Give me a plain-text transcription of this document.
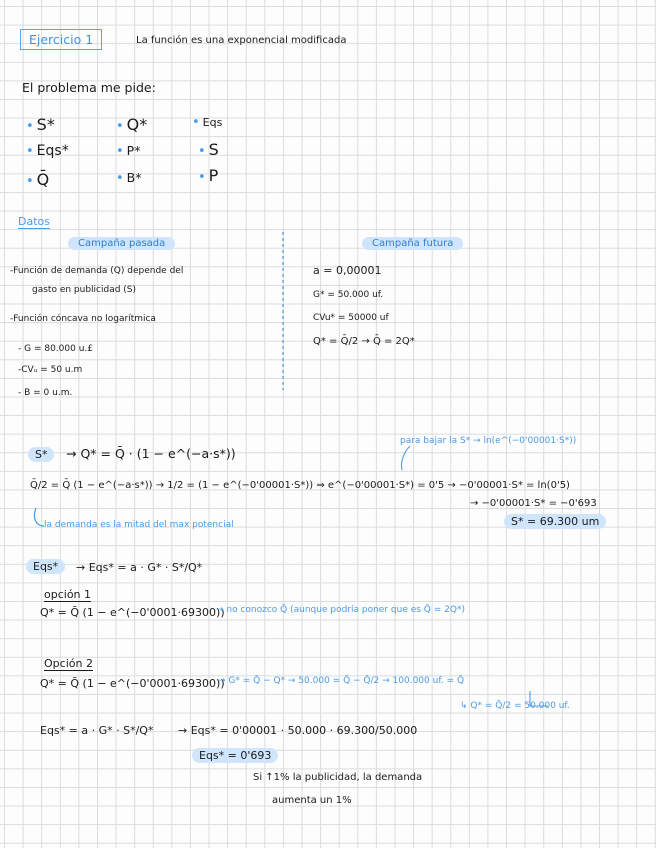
Ejercicio 1	La función es una exponencial modificada
El problema me pide:
• S*	• Q*	• Eqs
• Eqs*	• P*	• S
• Q̄	• B*	• P
Datos
Campaña pasada	Campaña futura
-Función de demanda (Q) depende del
gasto en publicidad (S)
-Función cóncava no logarítmica
- G = 80.000 u.£
-CVᵤ = 50 u.m
- B = 0 u.m.
a = 0,00001
G* = 50.000 uf.
CVu* = 50000 uf
Q* = Q̄/2 → Q̄ = 2Q*
S*	→ Q* = Q̄ · (1 − e^(−a·s*))
para bajar la S* → ln(e^(−0'00001·S*))
Q̄/2 = Q̄ (1 − e^(−a·s*)) → 1/2 = (1 − e^(−0'00001·S*)) ⇒ e^(−0'00001·S*) = 0'5 → −0'00001·S* = ln(0'5)
→ −0'00001·S* = −0'693
S* = 69.300 um
la demanda es la mitad del max potencial
Eqs*	→ Eqs* = a · G* · S*/Q*
opción 1
Q* = Q̄ (1 − e^(−0'0001·69300))
→ no conozco Q̄ (aunque podría poner que es Q̄ = 2Q*)
Opción 2
Q* = Q̄ (1 − e^(−0'0001·69300))
→ G* = Q̄ − Q* → 50.000 = Q̄ − Q̄/2 → 100.000 uf. = Q̄
↳ Q* = Q̄/2 = 50.000 uf.
Eqs* = a · G* · S*/Q* → Eqs* = 0'00001 · 50.000 · 69.300/50.000
Eqs* = 0'693
Si ↑1% la publicidad, la demanda
aumenta un 1%
